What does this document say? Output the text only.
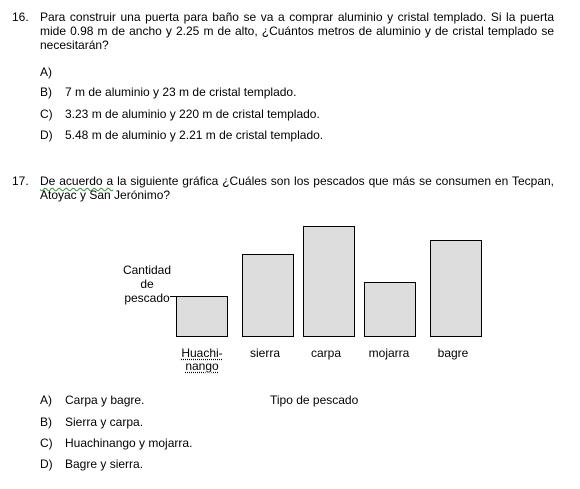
16. Para construir una puerta para baño se va a comprar aluminio y cristal templado. Si la puerta mide 0.98 m de ancho y 2.25 m de alto, ¿Cuántos metros de aluminio y de cristal templado se necesitarán?
A)
B) 7 m de aluminio y 23 m de cristal templado.
C) 3.23 m de aluminio y 220 m de cristal templado.
D) 5.48 m de aluminio y 2.21 m de cristal templado.
17. De acuerdo a la siguiente gráfica ¿Cuáles son los pescados que más se consumen en Tecpan, Atoyac y San Jerónimo?
Cantidad
de
pescado
Huachi-
nango
sierra	carpa	mojarra	bagre
Tipo de pescado
A) Carpa y bagre.
B) Sierra y carpa.
C) Huachinango y mojarra.
D) Bagre y sierra.
